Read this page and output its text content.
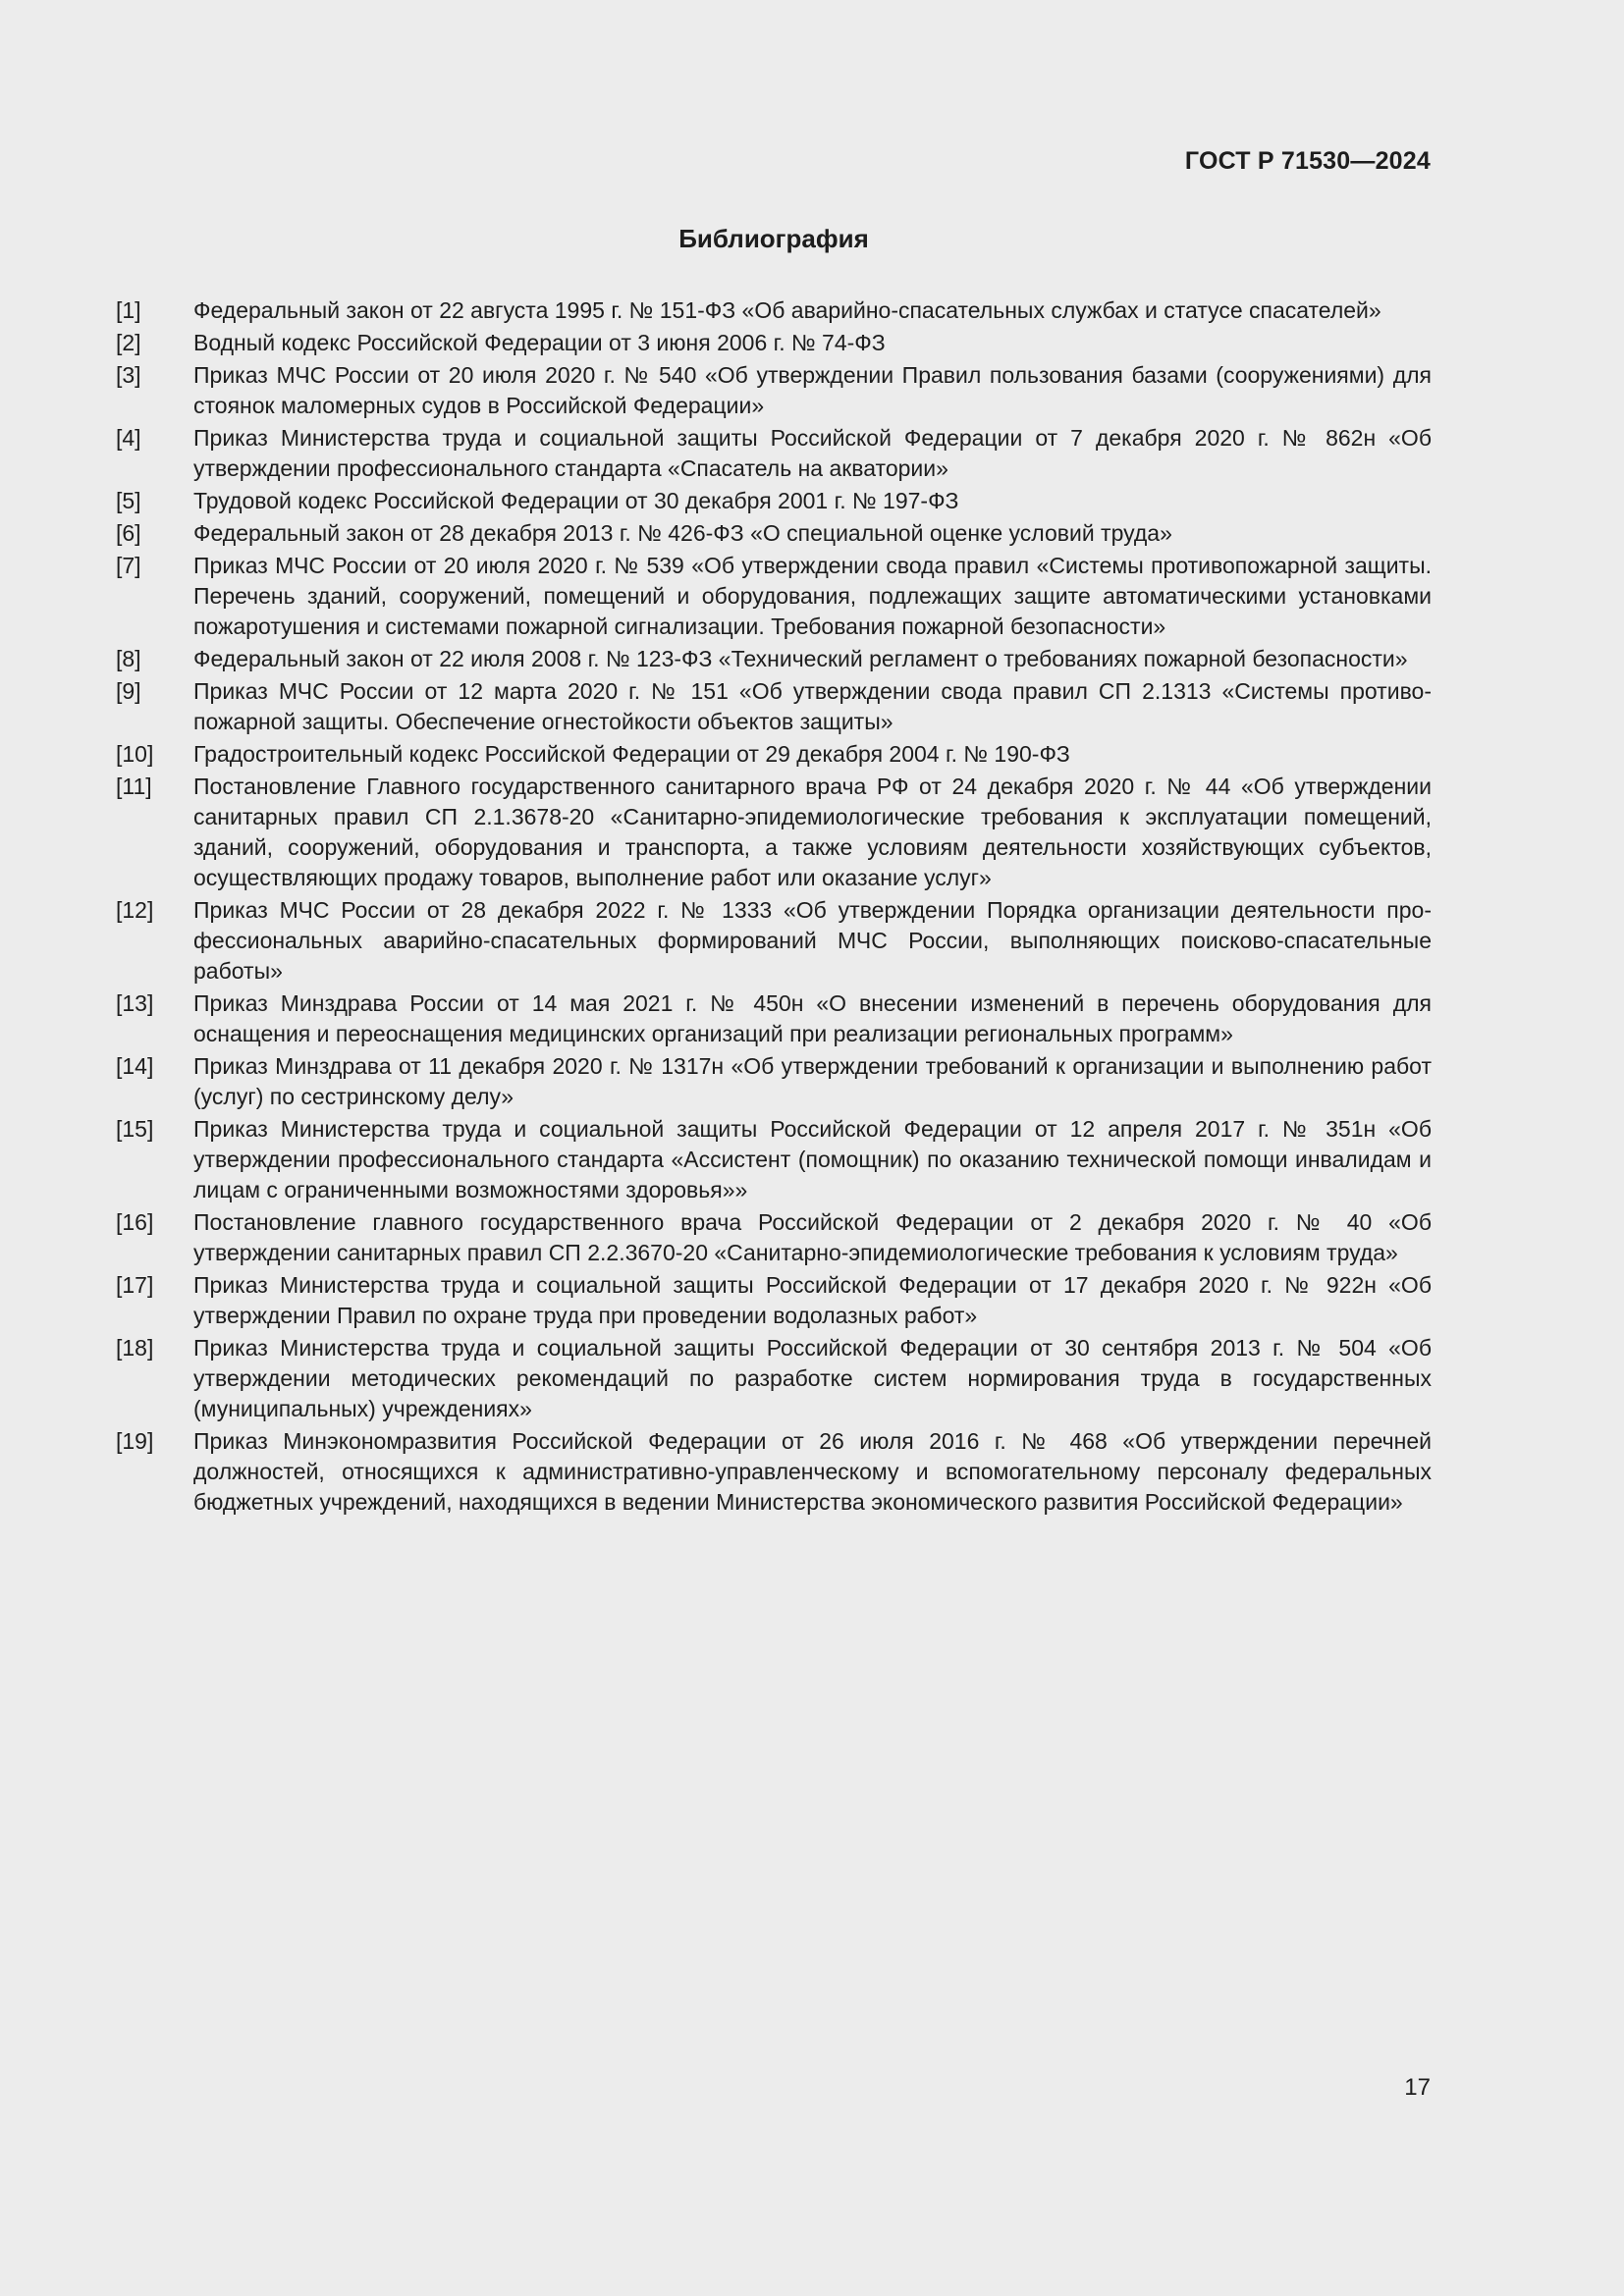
ГОСТ Р 71530—2024
Библиография
[1]	Федеральный закон от 22 августа 1995 г. № 151-ФЗ «Об аварийно-спасательных службах и статусе спасателей»
[2]	Водный кодекс Российской Федерации от 3 июня 2006 г. № 74-ФЗ
[3]	Приказ МЧС России от 20 июля 2020 г. № 540 «Об утверждении Правил пользования базами (сооружениями) для стоянок маломерных судов в Российской Федерации»
[4]	Приказ Министерства труда и социальной защиты Российской Федерации от 7 декабря 2020 г. № 862н «Об утверждении профессионального стандарта «Спасатель на акватории»
[5]	Трудовой кодекс Российской Федерации от 30 декабря 2001 г. № 197-ФЗ
[6]	Федеральный закон от 28 декабря 2013 г. № 426-ФЗ «О специальной оценке условий труда»
[7]	Приказ МЧС России от 20 июля 2020 г. № 539 «Об утверждении свода правил «Системы противопожарной защиты. Перечень зданий, сооружений, помещений и оборудования, подлежащих защите автоматическими установками пожаротушения и системами пожарной сигнализации. Требования пожарной безопасности»
[8]	Федеральный закон от 22 июля 2008 г. № 123-ФЗ «Технический регламент о требованиях пожарной безопасности»
[9]	Приказ МЧС России от 12 марта 2020 г. № 151 «Об утверждении свода правил СП 2.1313 «Системы противопожарной защиты. Обеспечение огнестойкости объектов защиты»
[10]	Градостроительный кодекс Российской Федерации от 29 декабря 2004 г. № 190-ФЗ
[11]	Постановление Главного государственного санитарного врача РФ от 24 декабря 2020 г. № 44 «Об утверждении санитарных правил СП 2.1.3678-20 «Санитарно-эпидемиологические требования к эксплуатации помещений, зданий, сооружений, оборудования и транспорта, а также условиям деятельности хозяйствующих субъектов, осуществляющих продажу товаров, выполнение работ или оказание услуг»
[12]	Приказ МЧС России от 28 декабря 2022 г. № 1333 «Об утверждении Порядка организации деятельности профессиональных аварийно-спасательных формирований МЧС России, выполняющих поисково-спасательные работы»
[13]	Приказ Минздрава России от 14 мая 2021 г. № 450н «О внесении изменений в перечень оборудования для оснащения и переоснащения медицинских организаций при реализации региональных программ»
[14]	Приказ Минздрава от 11 декабря 2020 г. № 1317н «Об утверждении требований к организации и выполнению работ (услуг) по сестринскому делу»
[15]	Приказ Министерства труда и социальной защиты Российской Федерации от 12 апреля 2017 г. № 351н «Об утверждении профессионального стандарта «Ассистент (помощник) по оказанию технической помощи инвалидам и лицам с ограниченными возможностями здоровья»»
[16]	Постановление главного государственного врача Российской Федерации от 2 декабря 2020 г. № 40 «Об утверждении санитарных правил СП 2.2.3670-20 «Санитарно-эпидемиологические требования к условиям труда»
[17]	Приказ Министерства труда и социальной защиты Российской Федерации от 17 декабря 2020 г. № 922н «Об утверждении Правил по охране труда при проведении водолазных работ»
[18]	Приказ Министерства труда и социальной защиты Российской Федерации от 30 сентября 2013 г. № 504 «Об утверждении методических рекомендаций по разработке систем нормирования труда в государственных (муниципальных) учреждениях»
[19]	Приказ Минэкономразвития Российской Федерации от 26 июля 2016 г. № 468 «Об утверждении перечней должностей, относящихся к административно-управленческому и вспомогательному персоналу федеральных бюджетных учреждений, находящихся в ведении Министерства экономического развития Российской Федерации»
17
